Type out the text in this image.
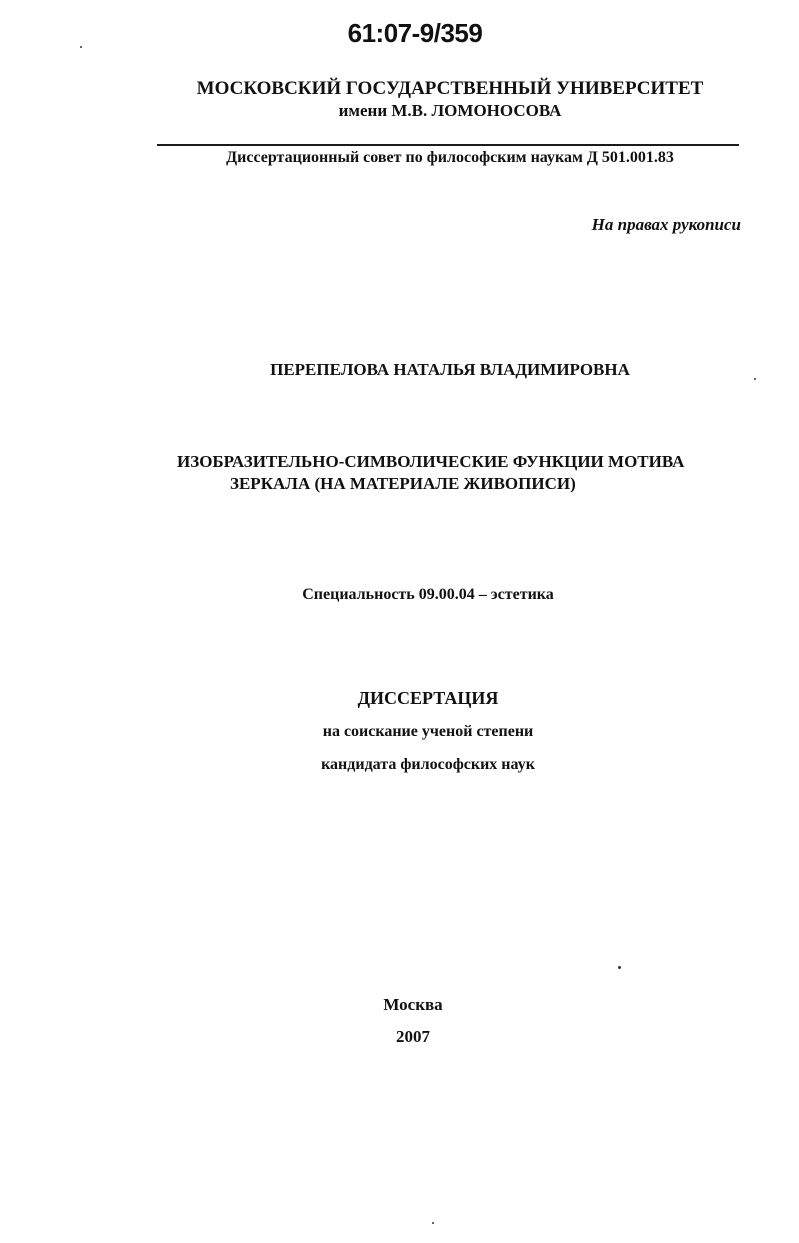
61:07-9/359
МОСКОВСКИЙ ГОСУДАРСТВЕННЫЙ УНИВЕРСИТЕТ
имени М.В. ЛОМОНОСОВА
Диссертационный совет по философским наукам Д 501.001.83
На правах рукописи
ПЕРЕПЕЛОВА НАТАЛЬЯ ВЛАДИМИРОВНА
ИЗОБРАЗИТЕЛЬНО-СИМВОЛИЧЕСКИЕ ФУНКЦИИ МОТИВА
ЗЕРКАЛА (НА МАТЕРИАЛЕ ЖИВОПИСИ)
Специальность 09.00.04 – эстетика
ДИССЕРТАЦИЯ
на соискание ученой степени
кандидата философских наук
Москва
2007
